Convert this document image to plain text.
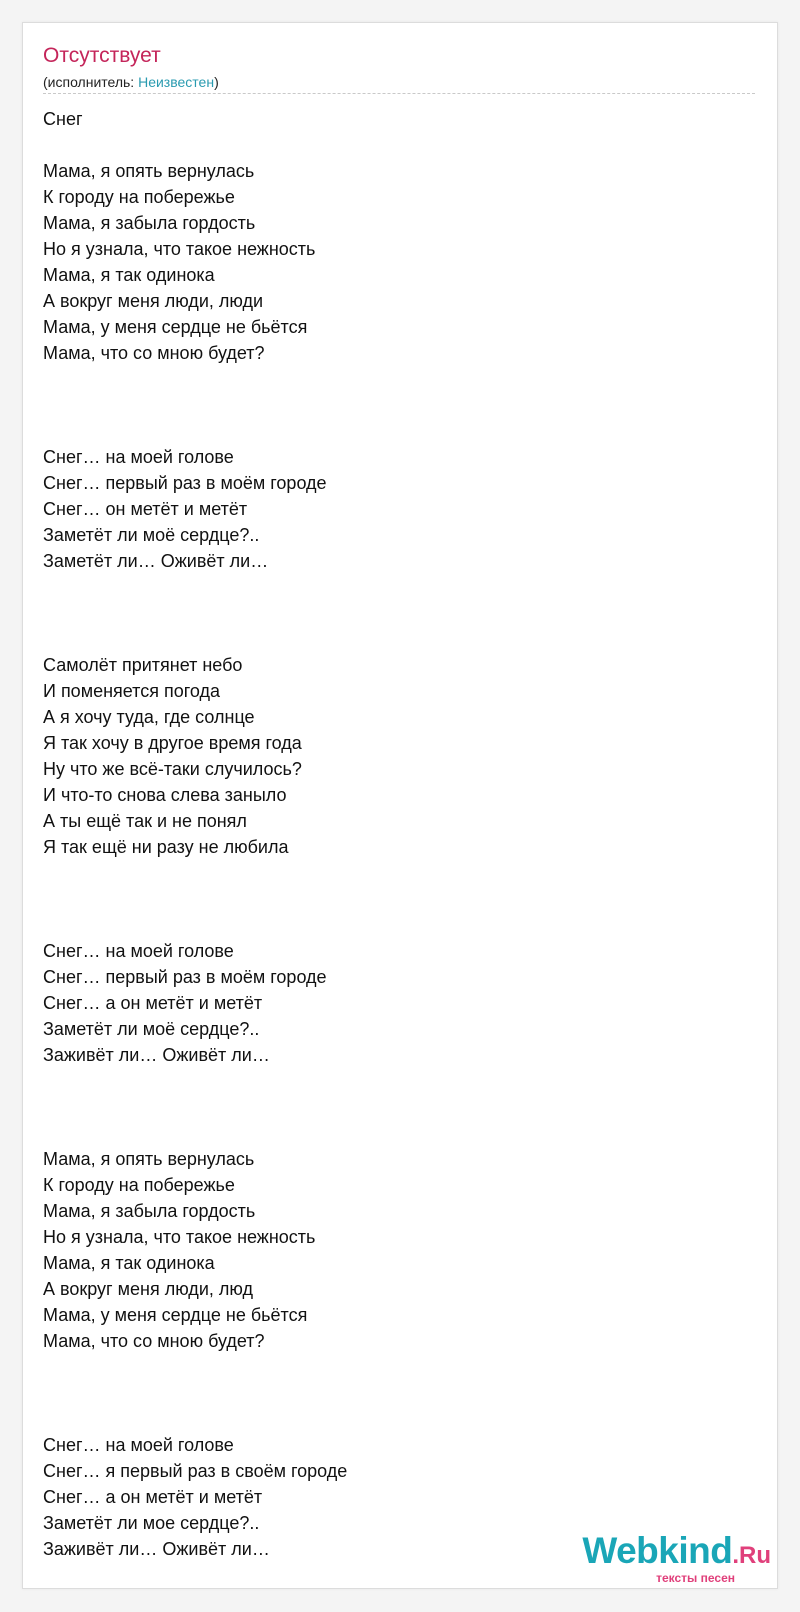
Отсутствует
(исполнитель: Неизвестен)
Снег
Мама, я опять вернулась
К городу на побережье
Мама, я забыла гордость
Но я узнала, что такое нежность
Мама, я так одинока
А вокруг меня люди, люди
Мама, у меня сердце не бьётся
Мама, что со мною будет?
Снег… на моей голове
Снег… первый раз в моём городе
Снег… он метёт и метёт
Заметёт ли моё сердце?..
Заметёт ли… Оживёт ли…
Самолёт притянет небо
И поменяется погода
А я хочу туда, где солнце
Я так хочу в другое время года
Ну что же всё-таки случилось?
И что-то снова слева заныло
А ты ещё так и не понял
Я так ещё ни разу не любила
Снег… на моей голове
Снег… первый раз в моём городе
Снег… а он метёт и метёт
Заметёт ли моё сердце?..
Заживёт ли… Оживёт ли…
Мама, я опять вернулась
К городу на побережье
Мама, я забыла гордость
Но я узнала, что такое нежность
Мама, я так одинока
А вокруг меня люди, люд
Мама, у меня сердце не бьётся
Мама, что со мною будет?
Снег… на моей голове
Снег… я первый раз в своём городе
Снег… а он метёт и метёт
Заметёт ли мое сердце?..
Заживёт ли… Оживёт ли…	Webkind.Ru
тексты песен
